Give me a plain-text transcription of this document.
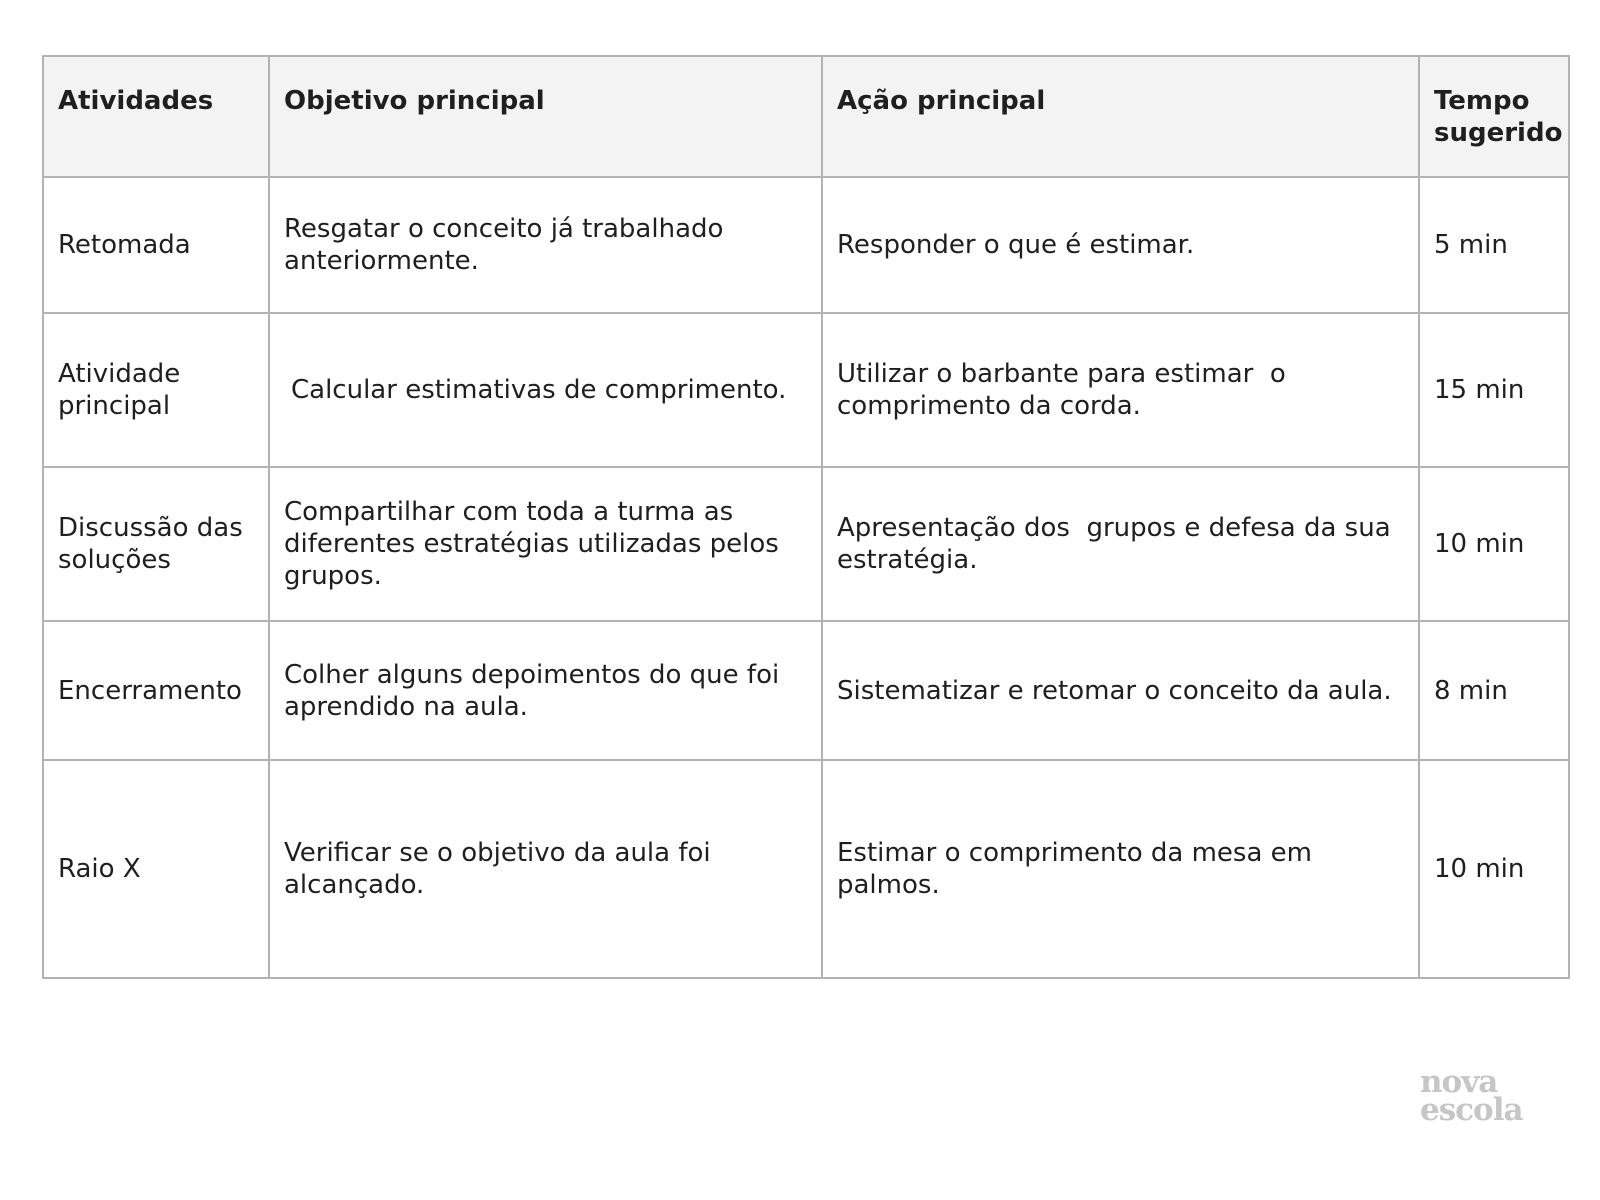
Atividades	Objetivo principal	Ação principal	Tempo sugerido
Retomada	Resgatar o conceito já trabalhado anteriormente.	Responder o que é estimar.	5 min
Atividade principal	Calcular estimativas de comprimento.	Utilizar o barbante para estimar  o comprimento da corda.	15 min
Discussão das soluções	Compartilhar com toda a turma as diferentes estratégias utilizadas pelos grupos.	Apresentação dos  grupos e defesa da sua estratégia.	10 min
Encerramento	Colher alguns depoimentos do que foi aprendido na aula.	Sistematizar e retomar o conceito da aula.	8 min
Raio X	Verificar se o objetivo da aula foi alcançado.	Estimar o comprimento da mesa em palmos.	10 min
nova
escola
